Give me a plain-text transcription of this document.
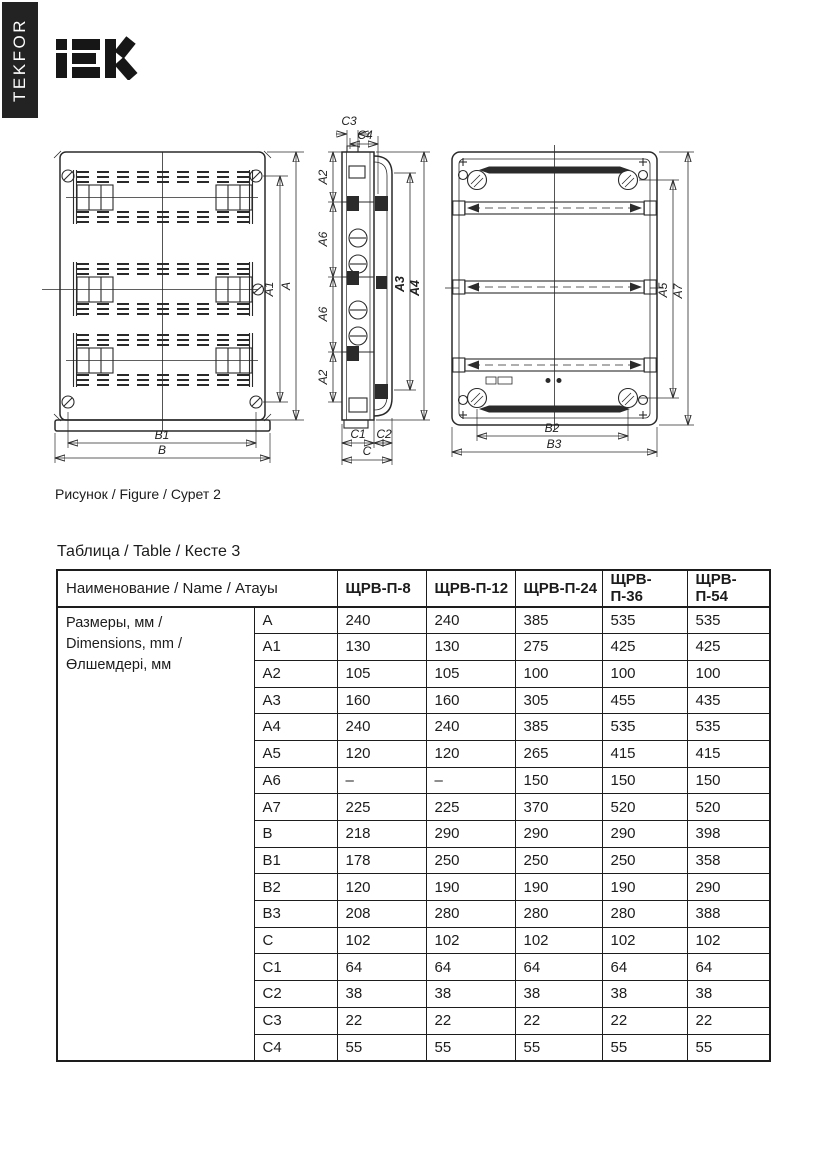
TEKFOR
A
A1
B1
B
C3
C4
A2
A6
A6
A2
A3 A4
C1 C2
C
A5 A7
B2
B3
Рисунок / Figure / Сурет 2
Таблица / Table / Кесте 3
Наименование / Name / Атауы		ЩРВ-П-8	ЩРВ-П-12	ЩРВ-П-24	ЩРВ-П-36	ЩРВ-П-54

Размеры, мм /
Dimensions, mm /
Өлшемдері, мм	A	240	240	385	535	535
	A1	130	130	275	425	425
	A2	105	105	100	100	100
	A3	160	160	305	455	435
	A4	240	240	385	535	535
	A5	120	120	265	415	415
	A6	–	–	150	150	150
	A7	225	225	370	520	520
	B	218	290	290	290	398
	B1	178	250	250	250	358
	B2	120	190	190	190	290
	B3	208	280	280	280	388
	C	102	102	102	102	102
	C1	64	64	64	64	64
	C2	38	38	38	38	38
	C3	22	22	22	22	22
	C4	55	55	55	55	55
